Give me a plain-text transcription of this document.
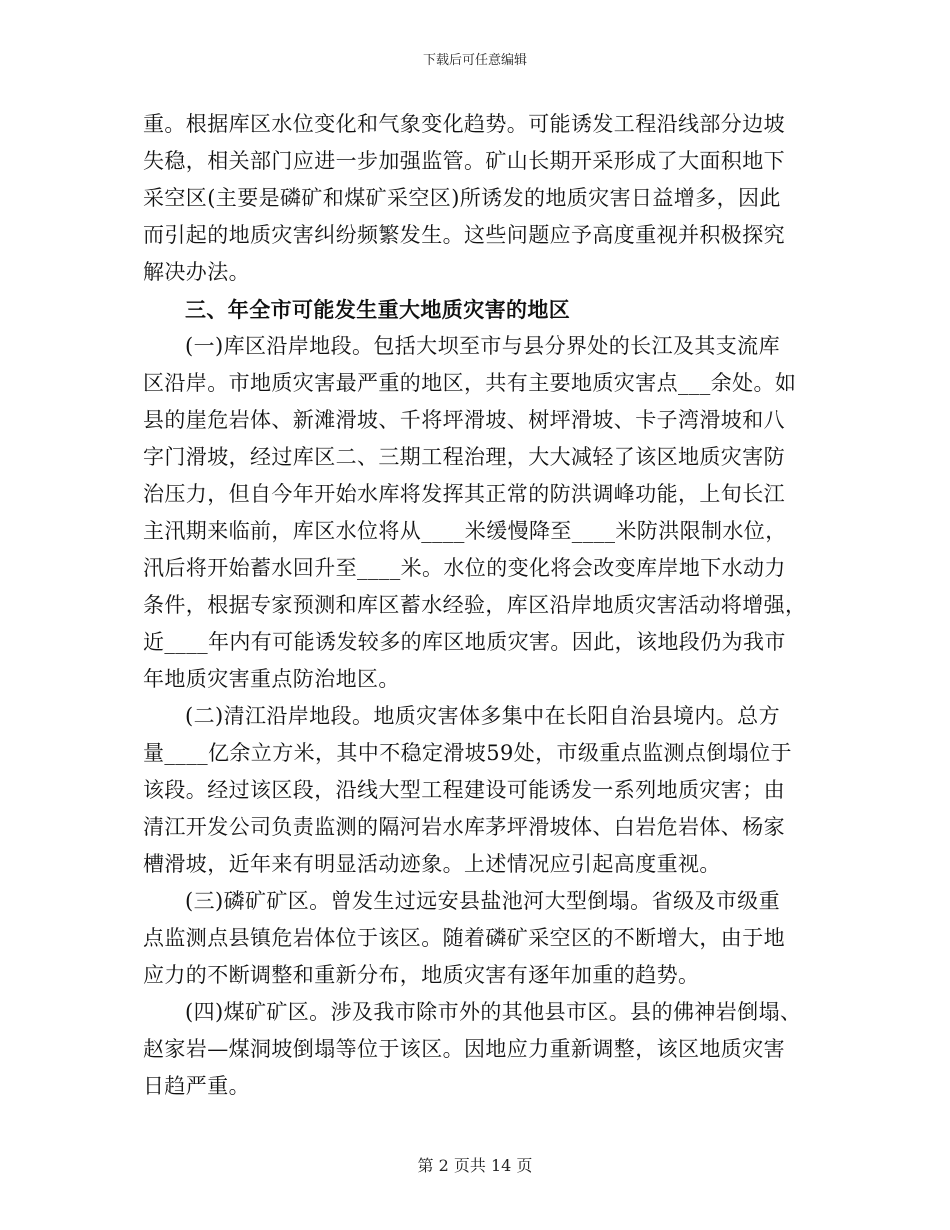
下载后可任意编辑
重。根据库区水位变化和气象变化趋势。可能诱发工程沿线部分边坡
失稳，相关部门应进一步加强监管。矿山长期开采形成了大面积地下
采空区(主要是磷矿和煤矿采空区)所诱发的地质灾害日益增多，因此
而引起的地质灾害纠纷频繁发生。这些问题应予高度重视并积极探究
解决办法。
三、年全市可能发生重大地质灾害的地区
(一)库区沿岸地段。包括大坝至市与县分界处的长江及其支流库
区沿岸。市地质灾害最严重的地区，共有主要地质灾害点___余处。如
县的崖危岩体、新滩滑坡、千将坪滑坡、树坪滑坡、卡子湾滑坡和八
字门滑坡，经过库区二、三期工程治理，大大减轻了该区地质灾害防
治压力，但自今年开始水库将发挥其正常的防洪调峰功能，上旬长江
主汛期来临前，库区水位将从____米缓慢降至____米防洪限制水位，
汛后将开始蓄水回升至____米。水位的变化将会改变库岸地下水动力
条件，根据专家预测和库区蓄水经验，库区沿岸地质灾害活动将增强，
近____年内有可能诱发较多的库区地质灾害。因此，该地段仍为我市
年地质灾害重点防治地区。
(二)清江沿岸地段。地质灾害体多集中在长阳自治县境内。总方
量____亿余立方米，其中不稳定滑坡59处，市级重点监测点倒塌位于
该段。经过该区段，沿线大型工程建设可能诱发一系列地质灾害；由
清江开发公司负责监测的隔河岩水库茅坪滑坡体、白岩危岩体、杨家
槽滑坡，近年来有明显活动迹象。上述情况应引起高度重视。
(三)磷矿矿区。曾发生过远安县盐池河大型倒塌。省级及市级重
点监测点县镇危岩体位于该区。随着磷矿采空区的不断增大，由于地
应力的不断调整和重新分布，地质灾害有逐年加重的趋势。
(四)煤矿矿区。涉及我市除市外的其他县市区。县的佛神岩倒塌、
赵家岩—煤洞坡倒塌等位于该区。因地应力重新调整，该区地质灾害
日趋严重。
第 2 页共 14 页
